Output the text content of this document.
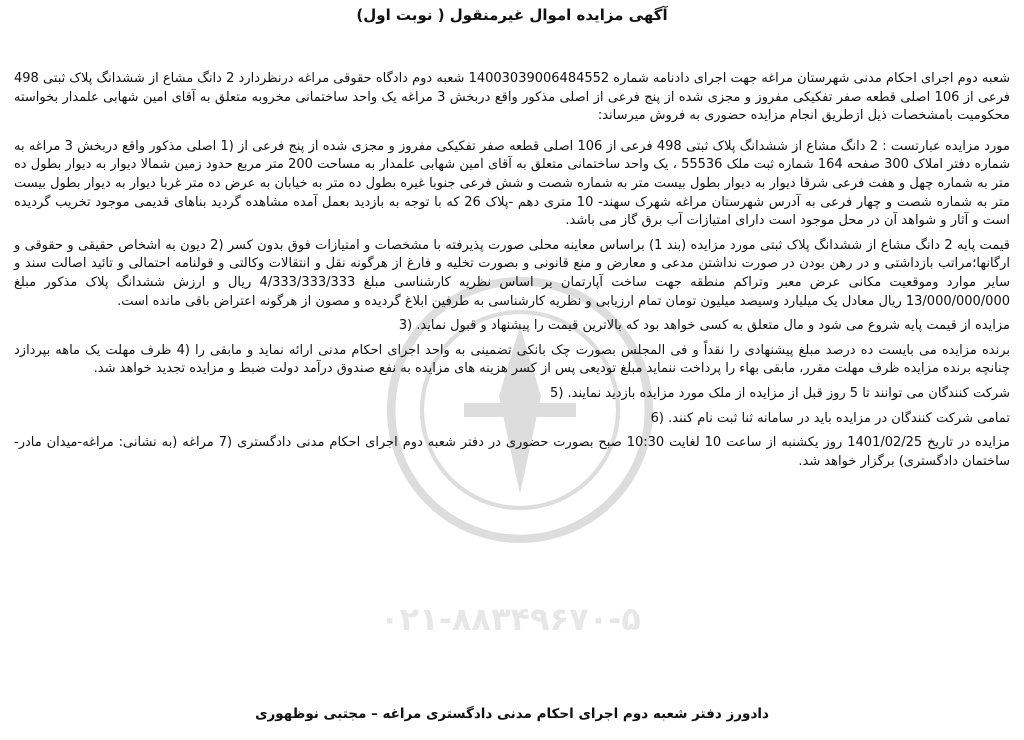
۰۲۱-۸۸۳۴۹۶۷۰-۵
آگهی مزایده اموال غیرمنقول ( نوبت اول)

شعبه دوم اجرای احکام مدنی شهرستان مراغه جهت اجرای دادنامه شماره 14003039006484552 شعبه دوم دادگاه حقوقی مراغه درنظردارد 2 دانگ مشاع از ششدانگ پلاک ثبتی 498 فرعی از 106 اصلی قطعه صفر تفکیکی مفروز و مجزی شده از پنج فرعی از اصلی مذکور واقع دربخش 3 مراغه یک واحد ساختمانی مخروبه متعلق به آقای امین شهابی علمدار بخواسته محکومیت بامشخصات ذیل ازطریق انجام مزایده حضوری به فروش میرساند:

مورد مزایده عبارتست : 2 دانگ مشاع از ششدانگ پلاک ثبتی 498 فرعی از 106 اصلی قطعه صفر تفکیکی مفروز و مجزی شده از پنج فرعی از (1 اصلی مذکور واقع دربخش 3 مراغه به شماره دفتر املاک 300 صفحه 164 شماره ثبت ملک 55536 ، یک واحد ساختمانی متعلق به آقای امین شهابی علمدار به مساحت 200 متر مربع حدود زمین شمالا دیوار به دیوار بطول ده متر به شماره چهل و هفت فرعی شرقا دیوار به دیوار بطول بیست متر به شماره شصت و شش فرعی جنوبا غیره بطول ده متر به خیابان به عرض ده متر غربا دیوار به دیوار بطول بیست متر به شماره شصت و چهار فرعی به آدرس شهرستان مراغه شهرک سهند- 10 متری دهم -پلاک 26 که با توجه به بازدید بعمل آمده مشاهده گردید بناهای قدیمی موجود تخریب گردیده است و آثار و شواهد آن در محل موجود است دارای امتیازات آب برق گاز می باشد.

قیمت پایه 2 دانگ مشاع از ششدانگ پلاک ثبتی مورد مزایده (بند 1) براساس معاینه محلی صورت پذیرفته با مشخصات و امتیازات فوق بدون کسر (2 دیون به اشخاص حقیقی و حقوقی و ارگانها؛مراتب بازداشتی و در رهن بودن در صورت نداشتن مدعی و معارض و منع قانونی و بصورت تخلیه و فارغ از هرگونه نقل و انتقالات وکالتی و قولنامه احتمالی و تائید اصالت سند و سایر موارد وموقعیت مکانی عرض معبر وتراکم منطقه جهت ساخت آپارتمان بر اساس نظریه کارشناسی مبلغ 4/333/333/333 ریال و ارزش ششدانگ پلاک مذکور مبلغ 13/000/000/000 ریال معادل یک میلیارد وسیصد میلیون تومان تمام ارزیابی و نظریه کارشناسی به طرفین ابلاغ گردیده و مصون از هرگونه اعتراض باقی مانده است.

مزایده از قیمت پایه شروع می شود و مال متعلق به کسی خواهد بود که بالاترین قیمت را پیشنهاد و قبول نماید. (3

برنده مزایده می بایست ده درصد مبلغ پیشنهادی را نقداً و فی المجلس بصورت چک بانکی تضمینی به واحد اجرای احکام مدنی ارائه نماید و مابقی را (4 ظرف مهلت یک ماهه بپردازد چنانچه برنده مزایده ظرف مهلت مقرر، مابقی بهاء را پرداخت ننماید مبلغ تودیعی پس از کسر هزینه های مزایده به نفع صندوق درآمد دولت ضبط و مزایده تجدید خواهد شد.

شرکت کنندگان می توانند تا 5 روز قبل از مزایده از ملک مورد مزایده بازدید نمایند. (5

تمامی شرکت کنندگان در مزایده باید در سامانه ثنا ثبت نام کنند. (6

مزایده در تاریخ 1401/02/25 روز یکشنبه از ساعت 10 لغایت 10:30 صبح بصورت حضوری در دفتر شعبه دوم اجرای احکام مدنی دادگستری (7 مراغه (به نشانی: مراغه-میدان مادر-ساختمان دادگستری) برگزار خواهد شد.

دادورز دفتر شعبه دوم اجرای احکام مدنی دادگستری مراغه – مجتبی نوظهوری
